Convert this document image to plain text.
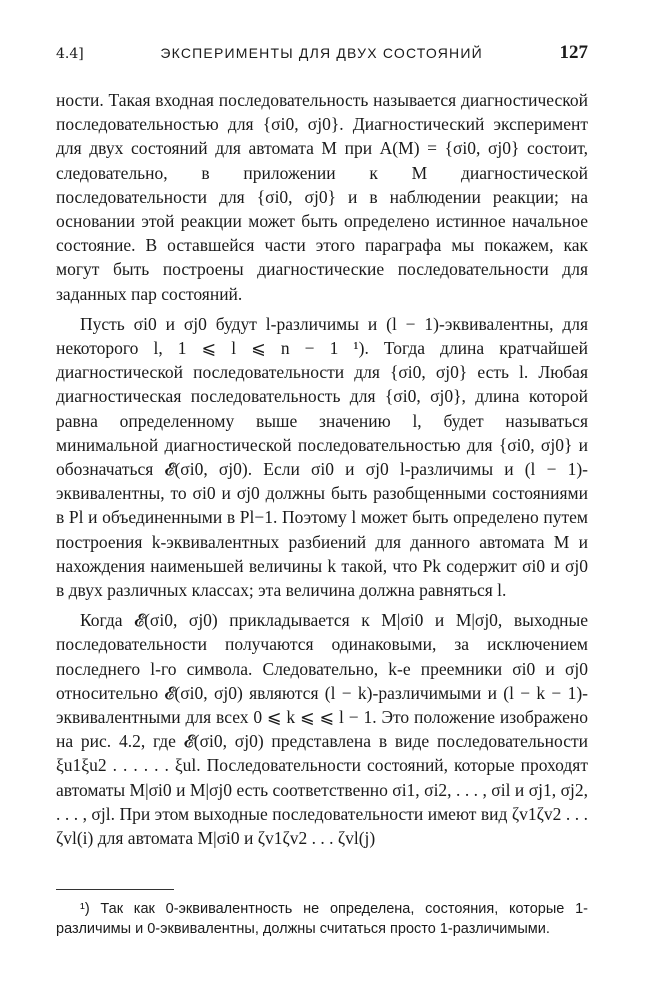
4.4]	ЭКСПЕРИМЕНТЫ ДЛЯ ДВУХ СОСТОЯНИЙ	127

ности. Такая входная последовательность называется диагностической последовательностью для {σi0, σj0}. Диагностический эксперимент для двух состояний для автомата M при A(M) = {σi0, σj0} состоит, следовательно, в приложении к M диагностической последовательности для {σi0, σj0} и в наблюдении реакции; на основании этой реакции может быть определено истинное начальное состояние. В оставшейся части этого параграфа мы покажем, как могут быть построены диагностические последовательности для заданных пар состояний.

Пусть σi0 и σj0 будут l-различимы и (l − 1)-эквивалентны, для некоторого l, 1 ⩽ l ⩽ n − 1 ¹). Тогда длина кратчайшей диагностической последовательности для {σi0, σj0} есть l. Любая диагностическая последовательность для {σi0, σj0}, длина которой равна определенному выше значению l, будет называться минимальной диагностической последовательностью для {σi0, σj0} и обозначаться 𝓔(σi0, σj0). Если σi0 и σj0 l-различимы и (l − 1)-эквивалентны, то σi0 и σj0 должны быть разобщенными состояниями в Pl и объединенными в Pl−1. Поэтому l может быть определено путем построения k-эквивалентных разбиений для данного автомата M и нахождения наименьшей величины k такой, что Pk содержит σi0 и σj0 в двух различных классах; эта величина должна равняться l.

Когда 𝓔(σi0, σj0) прикладывается к M|σi0 и M|σj0, выходные последовательности получаются одинаковыми, за исключением последнего l-го символа. Следовательно, k-е преемники σi0 и σj0 относительно 𝓔(σi0, σj0) являются (l − k)-различимыми и (l − k − 1)-эквивалентными для всех 0 ⩽ k ⩽ ⩽ l − 1. Это положение изображено на рис. 4.2, где 𝓔(σi0, σj0) представлена в виде последовательности ξu1ξu2 . . . . . . ξul. Последовательности состояний, которые проходят автоматы M|σi0 и M|σj0 есть соответственно σi1, σi2, . . . , σil и σj1, σj2, . . . , σjl. При этом выходные последовательности имеют вид ζv1ζv2 . . . ζvl(i) для автомата M|σi0 и ζv1ζv2 . . . ζvl(j)

¹) Так как 0-эквивалентность не определена, состояния, которые 1-различимы и 0-эквивалентны, должны считаться просто 1-различимыми.
